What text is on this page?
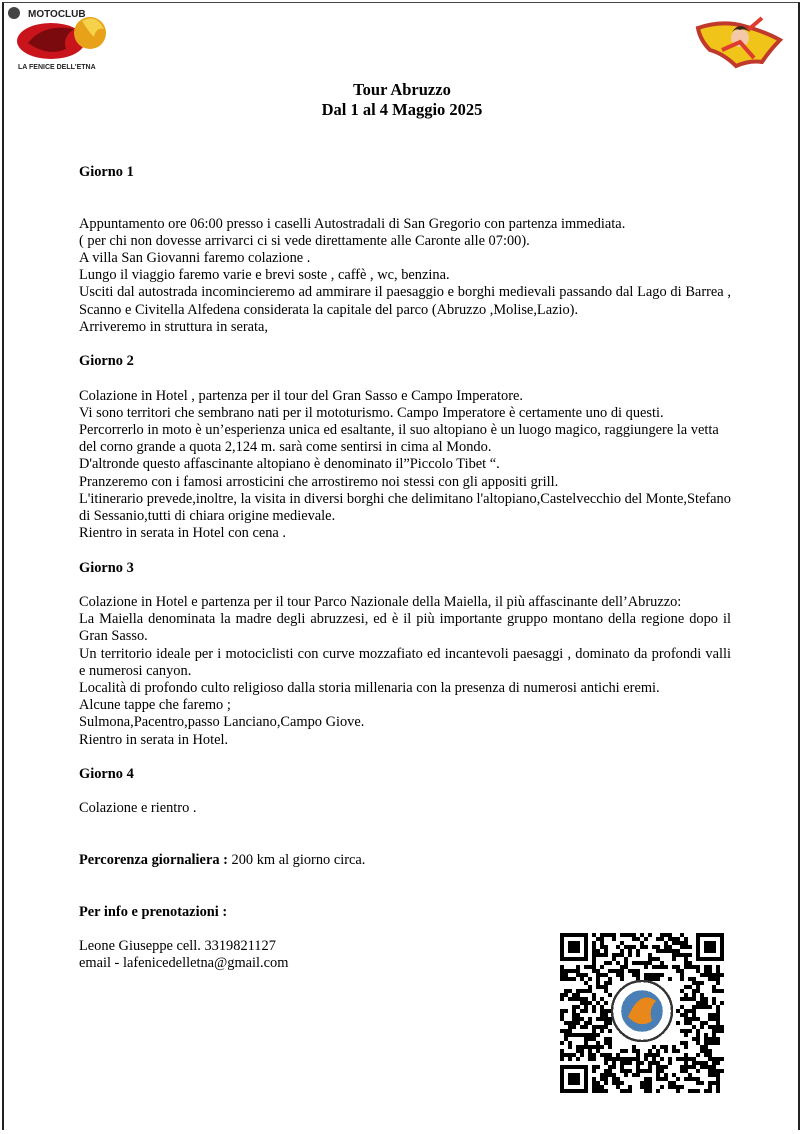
MOTOCLUB
LA FENICE DELL'ETNA
Tour Abruzzo
Dal 1 al 4 Maggio 2025

Giorno 1

Appuntamento ore 06:00 presso i caselli Autostradali di San Gregorio con partenza immediata.

( per chi non dovesse arrivarci ci si vede direttamente alle Caronte alle 07:00).

A villa San Giovanni faremo colazione .

Lungo il viaggio faremo varie e brevi soste , caffè , wc, benzina.

Usciti dal autostrada incomincieremo ad ammirare il paesaggio e borghi medievali passando dal Lago di Barrea , Scanno e Civitella Alfedena considerata la capitale del parco (Abruzzo ,Molise,Lazio).

Arriveremo in struttura in serata,

Giorno 2

Colazione in Hotel , partenza per il tour del Gran Sasso e Campo Imperatore.

Vi sono territori che sembrano nati per il mototurismo. Campo Imperatore è certamente uno di questi. Percorrerlo in moto è un’esperienza unica ed esaltante, il suo altopiano è un luogo magico, raggiungere la vetta del corno grande a quota 2,124 m. sarà come sentirsi in cima al Mondo.

D'altronde questo affascinante altopiano è denominato il”Piccolo Tibet “.

Pranzeremo con i famosi arrosticini che arrostiremo noi stessi con gli appositi grill.

L'itinerario prevede,inoltre, la visita in diversi borghi che delimitano l'altopiano,Castelvecchio del Monte,Stefano di Sessanio,tutti di chiara origine medievale.

Rientro in serata in Hotel con cena .

Giorno 3

Colazione in Hotel e partenza per il tour Parco Nazionale della Maiella, il più affascinante dell’Abruzzo:

La Maiella denominata la madre degli abruzzesi, ed è il più importante gruppo montano della regione dopo il Gran Sasso.

Un territorio ideale per i motociclisti con curve mozzafiato ed incantevoli paesaggi , dominato da profondi valli e numerosi canyon.

Località di profondo culto religioso dalla storia millenaria con la presenza di numerosi antichi eremi.

Alcune tappe che faremo ;

Sulmona,Pacentro,passo Lanciano,Campo Giove.

Rientro in serata in Hotel.

Giorno 4

Colazione e rientro .

Percorenza giornaliera : 200 km al giorno circa.

Per info e prenotazioni :

Leone Giuseppe cell. 3319821127

email - lafenicedelletna@gmail.com
